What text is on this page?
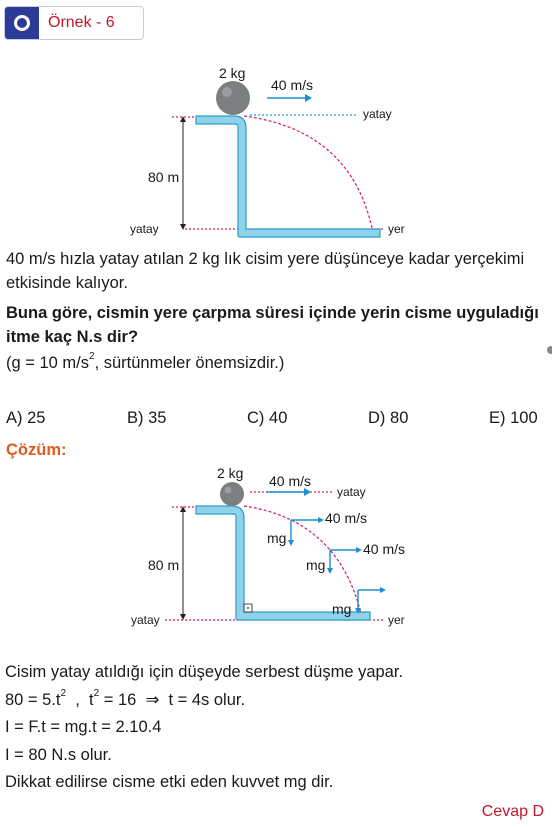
Örnek - 6
2 kg
40 m/s
yatay
80 m
yatay	yer
40 m/s hızla yatay atılan 2 kg lık cisim yere düşünceye kadar yerçekimi etkisinde kalıyor.
Buna göre, cismin yere çarpma süresi içinde yerin cisme uyguladığı itme kaç N.s dir?
(g = 10 $m/s^2$, sürtünmeler önemsizdir.)
A) 25	B) 35	C) 40	D) 80	E) 100
Çözüm:
2 kg 40 m/s
yatay
80 m
yatay	yer
mg
mg
mg
40 m/s
40 m/s
Cisim yatay atıldığı için düşeyde serbest düşme yapar.
$80 = 5.t^2$  ,  $t^2 = 16$  ⇒  t = 4s olur.
I = F.t = mg.t = 2.10.4
I = 80 N.s olur.
Dikkat edilirse cisme etki eden kuvvet mg dir.
Cevap D
